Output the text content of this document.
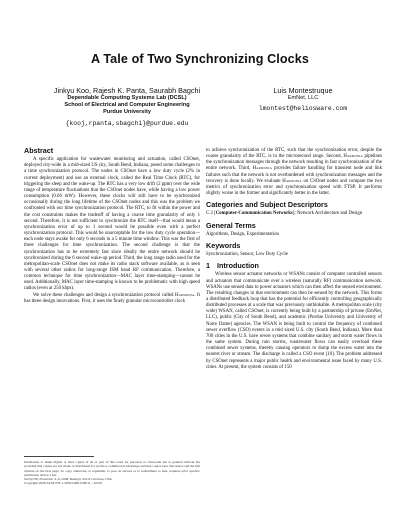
A Tale of Two Synchronizing Clocks
Jinkyu Koo, Rajesh K. Panta, Saurabh Bagchi
Dependable Computing Systems Lab (DCSL)
School of Electrical and Computer Engineering
Purdue University
{kooj,rpanta,sbagchi}@purdue.edu
Luis Montestruque
EmNet, LLC
lmontest@heliosware.com
Abstract

A specific application for wastewater monitoring and actuation, called CSOnet, deployed city-wide in a mid-sized US city, South Bend, Indiana, posed some challenges to a time synchronization protocol. The nodes in CSOnet have a low duty cycle (2% in current deployment) and use an external clock, called the Real Time Clock (RTC), for triggering the sleep and the wake-up. The RTC has a very low drift (2 ppm) over the wide range of temperature fluctuations that the CSOnet nodes have, while having a low power consumption (0.66 mW). However, these clocks will still have to be synchronized occasionally during the long lifetime of the CSOnet nodes and this was the problem we confronted with our time synchronization protocol. The RTC, to fit within the power and the cost constraints makes the tradeoff of having a coarse time granularity of only 1 second. Therefore, it is not sufficient to synchronize the RTC itself—that would mean a synchronization error of up to 1 second would be possible even with a perfect synchronization protocol. This would be unacceptable for the low duty cycle operation—each node stays awake for only 6 seconds in a 5 minute time window. This was the first of three challenges for time synchronization. The second challenge is that the synchronization has to be extremely fast since ideally the entire network should be synchronized during the 6 second wake-up period. Third, the long range radio used for the metropolitan-scale CSOnet does not make its radio stack software available, as is seen with several other radios for long-range ISM band RF communication. Therefore, a common technique for time synchronization—MAC layer time-stamping—cannot be used. Additionally, MAC layer time-stamping is known to be problematic with high speed radios (even at 250 kbps).

We solve these challenges and design a synchronization protocol called Harmonia. It has three design innovations. First, it uses the finely granular microcontroller clock

to achieve synchronization of the RTC, such that the synchronization error, despite the coarse granularity of the RTC, is in the microsecond range. Second, Harmonia pipelines the synchronization messages through the network resulting in fast synchronization of the entire network. Third, Harmonia provides failure handling for transient node and link failures such that the network is not overburdened with synchronization messages and the recovery is done locally. We evaluate Harmonia on CSOnet nodes and compare the two metrics of synchronization error and synchronization speed with FTSP. It performs slightly worse in the former and significantly better in the latter.

Categories and Subject Descriptors

C.2 [Computer-Communication Networks]: Network Architecture and Design

General Terms

Algorithms, Design, Experimentation

Keywords

Synchronization, Sensor, Low Duty Cycle

1 Introduction

Wireless sensor actuator networks or WSANs consist of computer controlled sensors and actuators that communicate over a wireless (naturally RF) communication network. WSANs use sensed data to power actuators which can then affect the sensed environment. The resulting changes in that environment can then be sensed by the network. This forms a distributed feedback loop that has the potential for efficiently controlling geographically distributed processes at a scale that was previously unthinkable. A metropolitan scale (city wide) WSAN, called CSOnet, is currently being built by a partnership of private (EmNet, LLC), public (City of South Bend), and academic (Purdue University and University of Notre Dame) agencies. The WSAN is being built to control the frequency of combined sewer overflow (CSO) events in a mid sized U.S. city (South Bend, Indiana). More than 700 cities in the U.S. have sewer systems that combine sanitary and storm water flows in the same system. During rain storms, wastewater flows can easily overload these combined sewer systems, thereby causing operators to dump the excess water into the nearest river or stream. The discharge is called a CSO event [10]. The problem addressed by CSOnet represents a major public health and environmental issue faced by many U.S. cities. At present, the system consists of 150

Permission to make digital or hard copies of all or part of this work for personal or classroom use is granted without fee provided that copies are not made or distributed for profit or commercial advantage and that copies bear this notice and the full citation on the first page. To copy otherwise, to republish, to post on servers or to redistribute to lists, requires prior specific permission and/or a fee.
SenSys'08, November 4–6, 2008, Raleigh, North Carolina, USA.
Copyright 2008 ACM 978-1-59593-990-6/08/11 ...$5.00.
